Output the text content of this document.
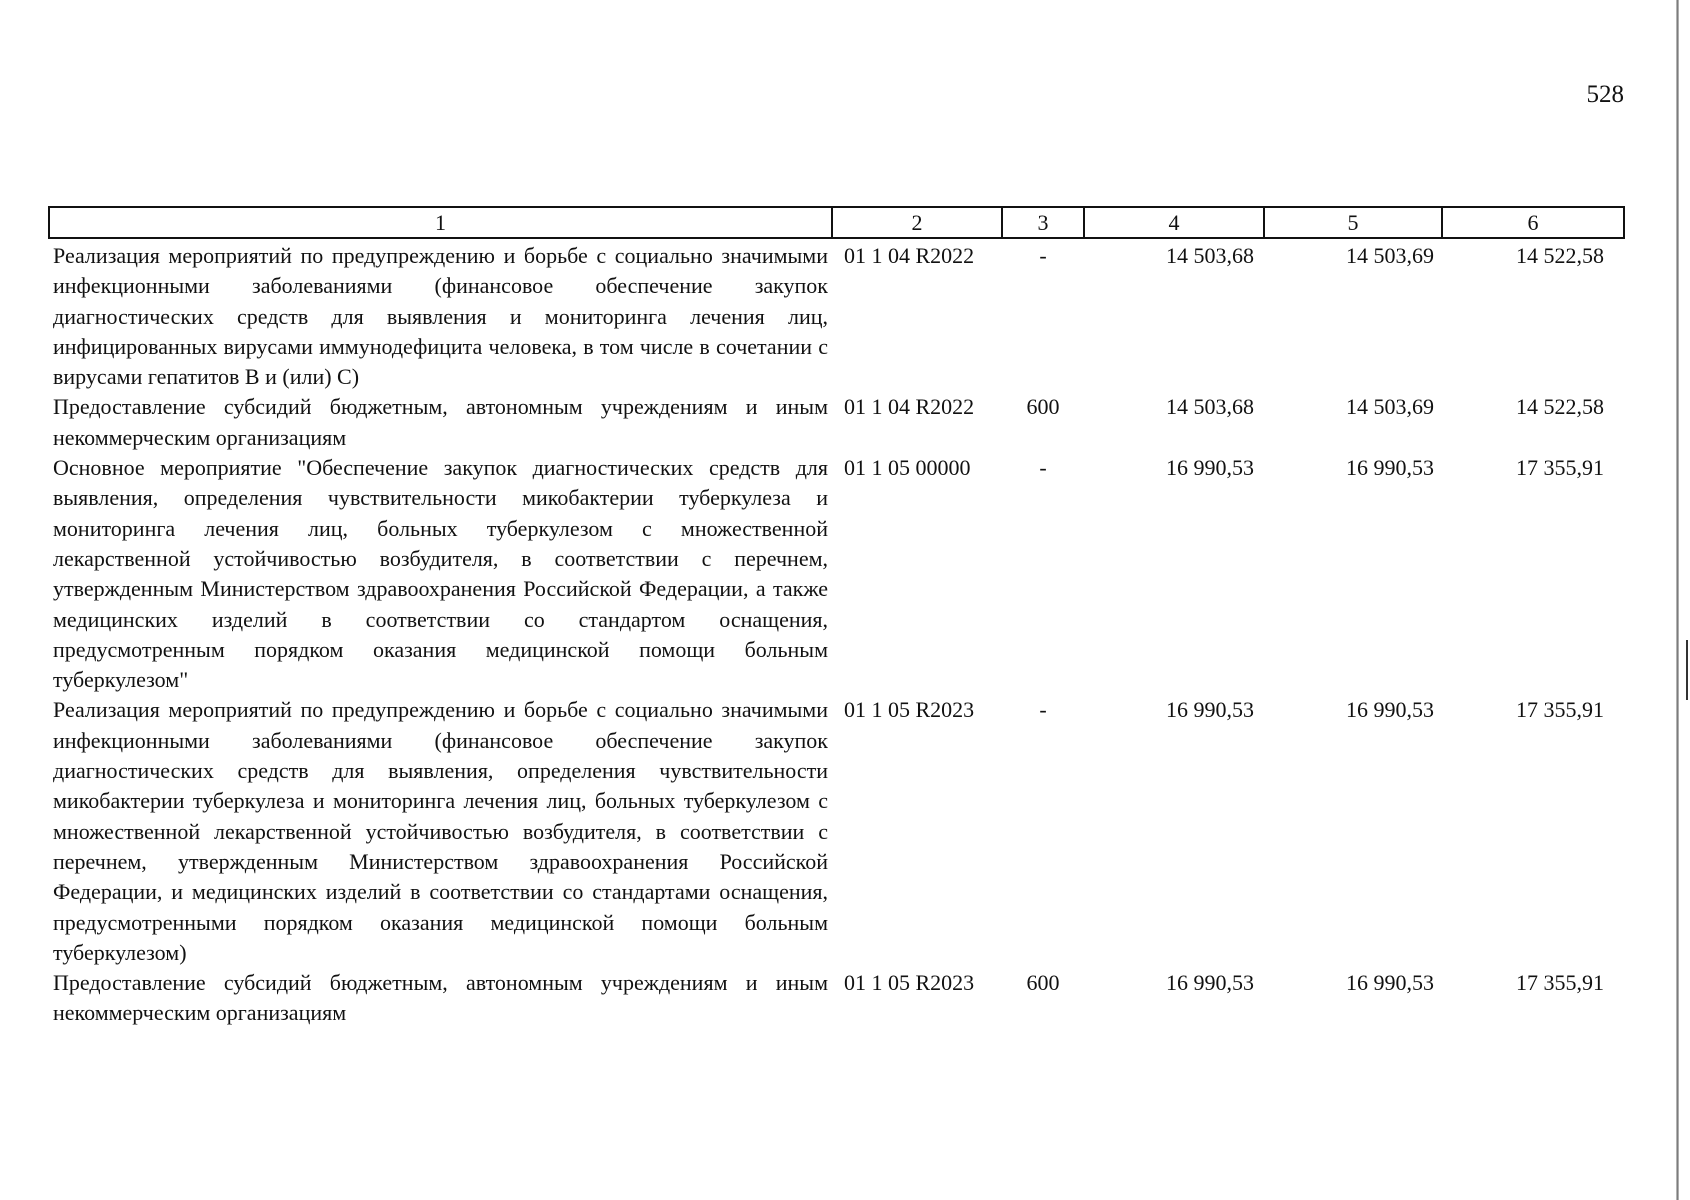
528
1	2	3	4	5	6
Реализация мероприятий по предупреждению и борьбе с социально значимыми инфекционными заболеваниями (финансовое обеспечение закупок диагностических средств для выявления и мониторинга лечения лиц, инфицированных вирусами иммунодефицита человека, в том числе в сочетании с вирусами гепатитов В и (или) С)	01 1 04 R2022	-	14 503,68	14 503,69	14 522,58
Предоставление субсидий бюджетным, автономным учреждениям и иным некоммерческим организациям	01 1 04 R2022	600	14 503,68	14 503,69	14 522,58
Основное мероприятие "Обеспечение закупок диагностических средств для выявления, определения чувствительности микобактерии туберкулеза и мониторинга лечения лиц, больных туберкулезом с множественной лекарственной устойчивостью возбудителя, в соответствии с перечнем, утвержденным Министерством здравоохранения Российской Федерации, а также медицинских изделий в соответствии со стандартом оснащения, предусмотренным порядком оказания медицинской помощи больным туберкулезом"	01 1 05 00000	-	16 990,53	16 990,53	17 355,91
Реализация мероприятий по предупреждению и борьбе с социально значимыми инфекционными заболеваниями (финансовое обеспечение закупок диагностических средств для выявления, определения чувствительности микобактерии туберкулеза и мониторинга лечения лиц, больных туберкулезом с множественной лекарственной устойчивостью возбудителя, в соответствии с перечнем, утвержденным Министерством здравоохранения Российской Федерации, и медицинских изделий в соответствии со стандартами оснащения, предусмотренными порядком оказания медицинской помощи больным туберкулезом)	01 1 05 R2023	-	16 990,53	16 990,53	17 355,91
Предоставление субсидий бюджетным, автономным учреждениям и иным некоммерческим организациям	01 1 05 R2023	600	16 990,53	16 990,53	17 355,91
